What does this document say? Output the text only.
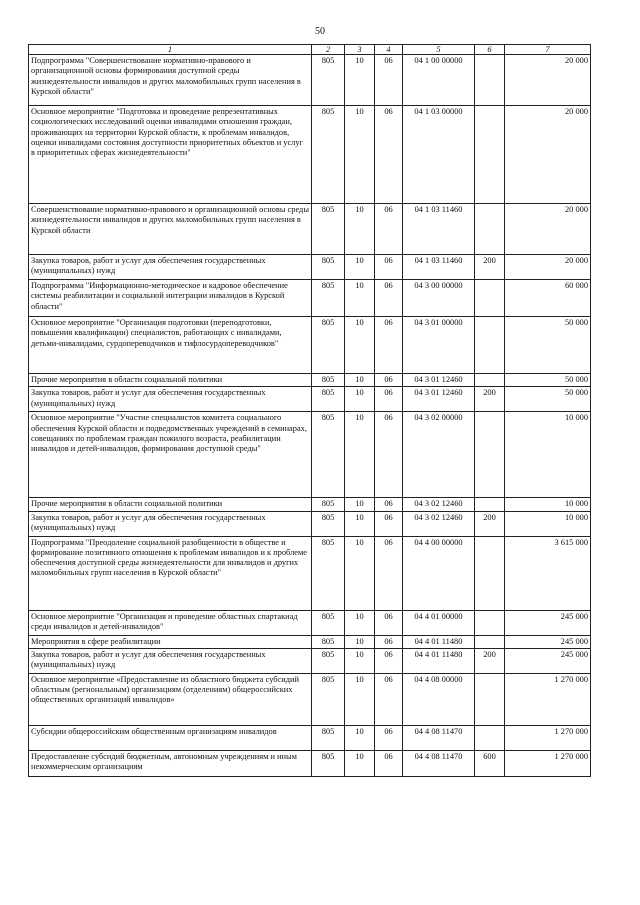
50
1	2	3	4	5	6	7
Подпрограмма "Совершенствование нормативно-правового и организационной основы формирования доступной среды жизнедеятельности инвалидов и других маломобильных групп населения в Курской области"	805	10	06	04 1 00 00000		20 000
Основное мероприятие "Подготовка и проведение репрезентативных социологических исследований оценки инвалидами отношения граждан, проживающих на территории Курской области, к проблемам инвалидов, оценки инвалидами состояния доступности приоритетных объектов и услуг в приоритетных сферах жизнедеятельности"	805	10	06	04 1 03 00000		20 000
Совершенствование нормативно-правового и организационной основы среды жизнедеятельности инвалидов и других маломобильных групп населения в Курской области	805	10	06	04 1 03 11460		20 000
Закупка товаров, работ и услуг для обеспечения государственных (муниципальных) нужд	805	10	06	04 1 03 11460	200	20 000
Подпрограмма "Информационно-методическое и кадровое обеспечение системы реабилитации и социальной интеграции инвалидов в Курской области"	805	10	06	04 3 00 00000		60 000
Основное мероприятие "Организация подготовки (переподготовки, повышения квалификации) специалистов, работающих с инвалидами, детьми-инвалидами, сурдопереводчиков и тифлосурдопереводчиков"	805	10	06	04 3 01 00000		50 000
Прочие мероприятия в области социальной политики	805	10	06	04 3 01 12460		50 000
Закупка товаров, работ и услуг для обеспечения государственных (муниципальных) нужд	805	10	06	04 3 01 12460	200	50 000
Основное мероприятие "Участие специалистов комитета социального обеспечения Курской области и подведомственных учреждений в семинарах, совещаниях по проблемам граждан пожилого возраста, реабилитации инвалидов и детей-инвалидов, формирования доступной среды"	805	10	06	04 3 02 00000		10 000
Прочие мероприятия в области социальной политики	805	10	06	04 3 02 12460		10 000
Закупка товаров, работ и услуг для обеспечения государственных (муниципальных) нужд	805	10	06	04 3 02 12460	200	10 000
Подпрограмма "Преодоление социальной разобщенности в обществе и формирование позитивного отношения к проблемам инвалидов и к проблеме обеспечения доступной среды жизнедеятельности для инвалидов и других маломобильных групп населения в Курской области"	805	10	06	04 4 00 00000		3 615 000
Основное мероприятие "Организация и проведение областных спартакиад среди инвалидов и детей-инвалидов"	805	10	06	04 4 01 00000		245 000
Мероприятия в сфере реабилитации	805	10	06	04 4 01 11480		245 000
Закупка товаров, работ и услуг для обеспечения государственных (муниципальных) нужд	805	10	06	04 4 01 11480	200	245 000
Основное мероприятие «Предоставление из областного бюджета субсидий областным (региональным) организациям (отделениям) общероссийских общественных организаций инвалидов»	805	10	06	04 4 08 00000		1 270 000
Субсидии общероссийским общественным организациям инвалидов	805	10	06	04 4 08 11470		1 270 000
Предоставление субсидий бюджетным, автономным учреждениям и иным некоммерческим организациям	805	10	06	04 4 08 11470	600	1 270 000
